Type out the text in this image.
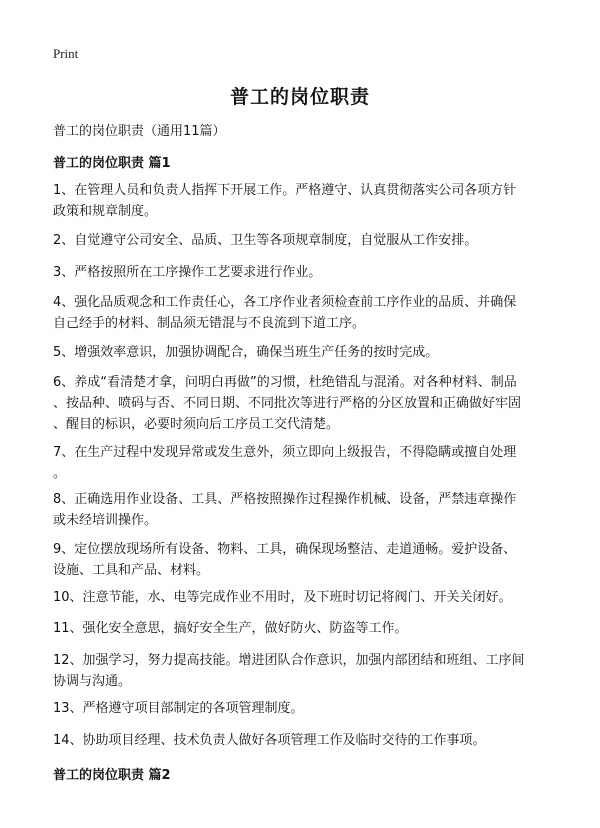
Print
普工的岗位职责

普工的岗位职责（通用11篇）

普工的岗位职责 篇1

1、在管理人员和负责人指挥下开展工作。严格遵守、认真贯彻落实公司各项方针
政策和规章制度。

2、自觉遵守公司安全、品质、卫生等各项规章制度，自觉服从工作安排。

3、严格按照所在工序操作工艺要求进行作业。

4、强化品质观念和工作责任心，各工序作业者须检查前工序作业的品质、并确保
自己经手的材料、制品须无错混与不良流到下道工序。

5、增强效率意识，加强协调配合，确保当班生产任务的按时完成。

6、养成“看清楚才拿，问明白再做”的习惯，杜绝错乱与混淆。对各种材料、制品
、按品种、喷码与否、不同日期、不同批次等进行严格的分区放置和正确做好牢固
、醒目的标识，必要时须向后工序员工交代清楚。

7、在生产过程中发现异常或发生意外，须立即向上级报告，不得隐瞒或擅自处理
。

8、正确选用作业设备、工具、严格按照操作过程操作机械、设备，严禁违章操作
或未经培训操作。

9、定位摆放现场所有设备、物料、工具，确保现场整洁、走道通畅。爱护设备、
设施、工具和产品、材料。

10、注意节能，水、电等完成作业不用时，及下班时切记将阀门、开关关闭好。

11、强化安全意思，搞好安全生产，做好防火、防盗等工作。

12、加强学习，努力提高技能。增进团队合作意识，加强内部团结和班组、工序间
协调与沟通。

13、严格遵守项目部制定的各项管理制度。

14、协助项目经理、技术负责人做好各项管理工作及临时交待的工作事项。

普工的岗位职责 篇2
